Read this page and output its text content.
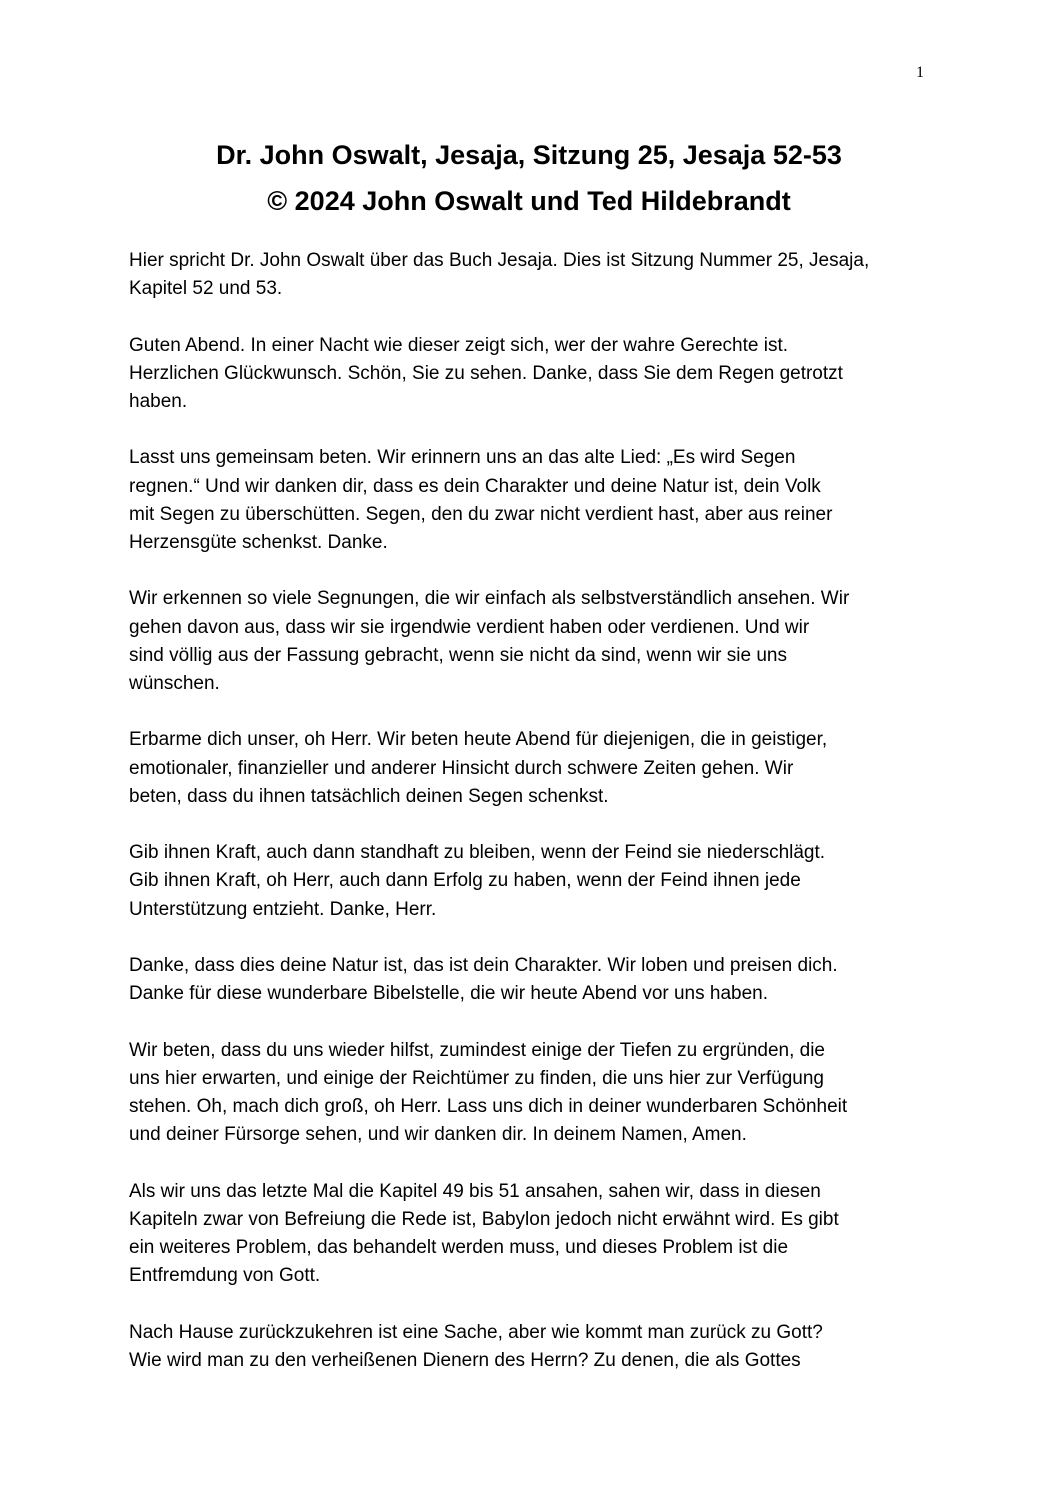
1
Dr. John Oswalt, Jesaja, Sitzung 25, Jesaja 52-53
© 2024 John Oswalt und Ted Hildebrandt

Hier spricht Dr. John Oswalt über das Buch Jesaja. Dies ist Sitzung Nummer 25, Jesaja,
Kapitel 52 und 53.

Guten Abend. In einer Nacht wie dieser zeigt sich, wer der wahre Gerechte ist.
Herzlichen Glückwunsch. Schön, Sie zu sehen. Danke, dass Sie dem Regen getrotzt
haben.

Lasst uns gemeinsam beten. Wir erinnern uns an das alte Lied: „Es wird Segen
regnen.“ Und wir danken dir, dass es dein Charakter und deine Natur ist, dein Volk
mit Segen zu überschütten. Segen, den du zwar nicht verdient hast, aber aus reiner
Herzensgüte schenkst. Danke.

Wir erkennen so viele Segnungen, die wir einfach als selbstverständlich ansehen. Wir
gehen davon aus, dass wir sie irgendwie verdient haben oder verdienen. Und wir
sind völlig aus der Fassung gebracht, wenn sie nicht da sind, wenn wir sie uns
wünschen.

Erbarme dich unser, oh Herr. Wir beten heute Abend für diejenigen, die in geistiger,
emotionaler, finanzieller und anderer Hinsicht durch schwere Zeiten gehen. Wir
beten, dass du ihnen tatsächlich deinen Segen schenkst.

Gib ihnen Kraft, auch dann standhaft zu bleiben, wenn der Feind sie niederschlägt.
Gib ihnen Kraft, oh Herr, auch dann Erfolg zu haben, wenn der Feind ihnen jede
Unterstützung entzieht. Danke, Herr.

Danke, dass dies deine Natur ist, das ist dein Charakter. Wir loben und preisen dich.
Danke für diese wunderbare Bibelstelle, die wir heute Abend vor uns haben.

Wir beten, dass du uns wieder hilfst, zumindest einige der Tiefen zu ergründen, die
uns hier erwarten, und einige der Reichtümer zu finden, die uns hier zur Verfügung
stehen. Oh, mach dich groß, oh Herr. Lass uns dich in deiner wunderbaren Schönheit
und deiner Fürsorge sehen, und wir danken dir. In deinem Namen, Amen.

Als wir uns das letzte Mal die Kapitel 49 bis 51 ansahen, sahen wir, dass in diesen
Kapiteln zwar von Befreiung die Rede ist, Babylon jedoch nicht erwähnt wird. Es gibt
ein weiteres Problem, das behandelt werden muss, und dieses Problem ist die
Entfremdung von Gott.

Nach Hause zurückzukehren ist eine Sache, aber wie kommt man zurück zu Gott?
Wie wird man zu den verheißenen Dienern des Herrn? Zu denen, die als Gottes
